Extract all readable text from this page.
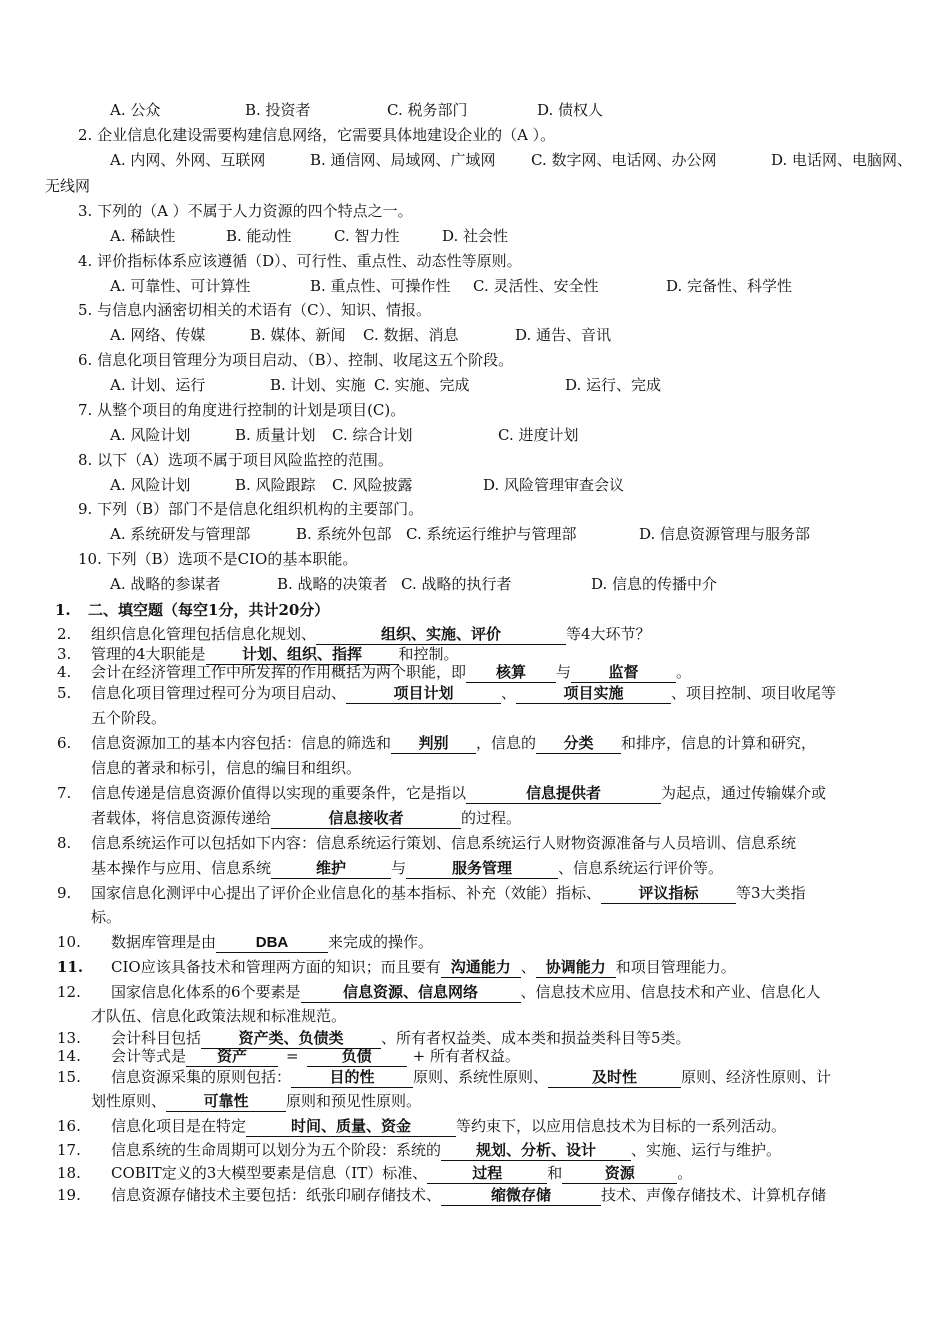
A. 公众	B. 投资者	C. 税务部门	D. 债权人
2. 企业信息化建设需要构建信息网络，它需要具体地建设企业的（A ）。
A. 内网、外网、互联网	B. 通信网、局域网、广域网 C. 数字网、电话网、办公网	D. 电话网、电脑网、
无线网
3. 下列的（A ）不属于人力资源的四个特点之一。
A. 稀缺性	B. 能动性	C. 智力性	D. 社会性
4. 评价指标体系应该遵循（D）、可行性、重点性、动态性等原则。
A. 可靠性、可计算性	B. 重点性、可操作性 C. 灵活性、安全性	D. 完备性、科学性
5. 与信息内涵密切相关的术语有（C）、知识、情报。
A. 网络、传媒	B. 媒体、新闻 C. 数据、消息	D. 通告、音讯
6. 信息化项目管理分为项目启动、（B）、控制、收尾这五个阶段。
A. 计划、运行	B. 计划、实施 C. 实施、完成	D. 运行、完成
7. 从整个项目的角度进行控制的计划是项目(C)。
A. 风险计划	B. 质量计划 C. 综合计划	C. 进度计划
8. 以下（A）选项不属于项目风险监控的范围。
A. 风险计划	B. 风险跟踪 C. 风险披露	D. 风险管理审查会议
9. 下列（B）部门不是信息化组织机构的主要部门。
A. 系统研发与管理部	B. 系统外包部 C. 系统运行维护与管理部	D. 信息资源管理与服务部
10. 下列（B）选项不是CIO的基本职能。
A. 战略的参谋者	B. 战略的决策者 C. 战略的执行者	D. 信息的传播中介
1. 二、填空题（每空1分，共计20分）
2. 组织信息化管理包括信息化规划、	组织、实施、评价	等4大环节？
3. 管理的4大职能是 计划、组织、指挥 和控制。
4. 会计在经济管理工作中所发挥的作用概括为两个职能，即 核算 与 监督	。
5. 信息化项目管理过程可分为项目启动、	项目计划	、	项目实施	、项目控制、项目收尾等
五个阶段。
6. 信息资源加工的基本内容包括：信息的筛选和 判别 ，信息的 分类 和排序，信息的计算和研究，
信息的著录和标引，信息的编目和组织。
7. 信息传递是信息资源价值得以实现的重要条件，它是指以	信息提供者	为起点，通过传输媒介或
者载体，将信息资源传递给	信息接收者	的过程。
8. 信息系统运作可以包括如下内容：信息系统运行策划、信息系统运行人财物资源准备与人员培训、信息系统
基本操作与应用、信息系统	维护	与	服务管理	、信息系统运行评价等。
9. 国家信息化测评中心提出了评价企业信息化的基本指标、补充（效能）指标、 评议指标	等3大类指
标。
10. 数据库管理是由	DBA	来完成的操作。
11. CIO应该具备技术和管理两方面的知识；而且要有 沟通能力 、 协调能力 和项目管理能力。
12. 国家信息化体系的6个要素是	信息资源、信息网络	、信息技术应用、信息技术和产业、信息化人
才队伍、信息化政策法规和标准规范。
13. 会计科目包括 资产类、负债类	、所有者权益类、成本类和损益类科目等5类。
14. 会计等式是 资产	=	负债	+ 所有者权益。
15. 信息资源采集的原则包括：	目的性	原则、系统性原则、	及时性	原则、经济性原则、计
划性原则、 可靠性	原则和预见性原则。
16. 信息化项目是在特定	时间、质量、资金	等约束下，以应用信息技术为目标的一系列活动。
17. 信息系统的生命周期可以划分为五个阶段：系统的 规划、分析、设计 、实施、运行与维护。
18. COBIT定义的3大模型要素是信息（IT）标准、	过程	和	资源	。
19. 信息资源存储技术主要包括：纸张印刷存储技术、	缩微存储	技术、声像存储技术、计算机存储
